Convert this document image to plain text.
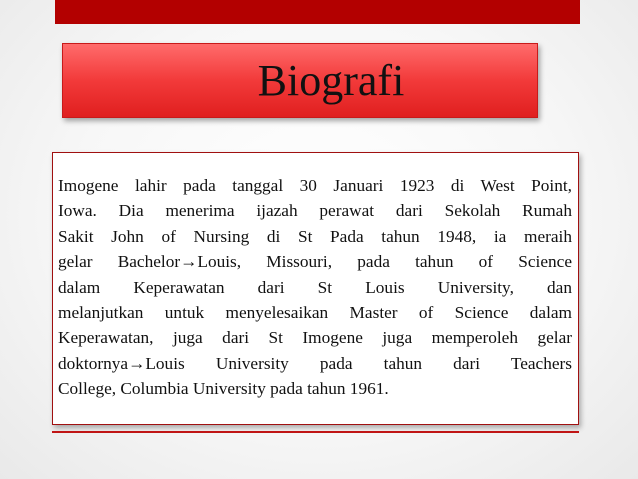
Biografi

Imogene lahir pada tanggal 30 Januari 1923 di West Point,
Iowa. Dia menerima ijazah perawat dari Sekolah Rumah
Sakit John of Nursing di St Pada tahun 1948, ia meraih
gelar Bachelor→Louis, Missouri, pada tahun of Science
dalam Keperawatan dari St Louis University, dan
melanjutkan untuk menyelesaikan Master of Science dalam
Keperawatan, juga dari St Imogene juga memperoleh gelar
doktornya→Louis University pada tahun dari Teachers
College, Columbia University pada tahun 1961.
